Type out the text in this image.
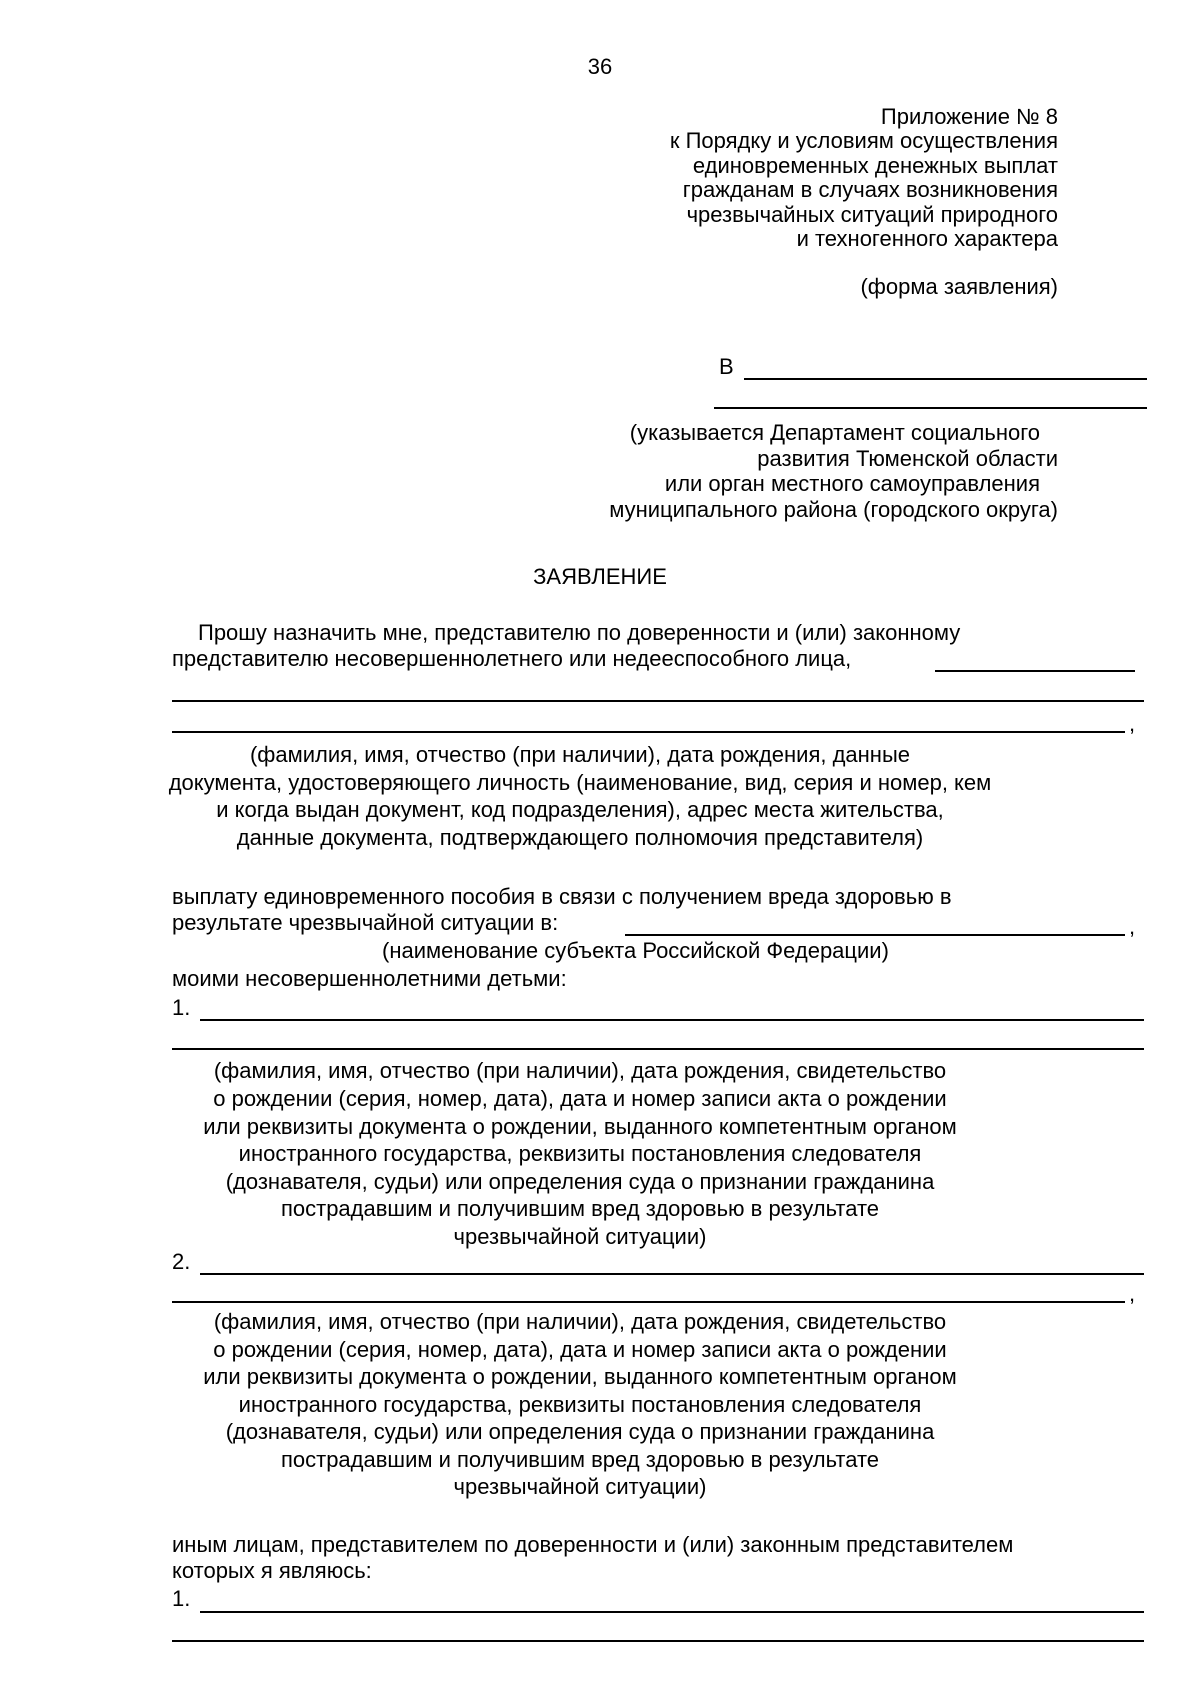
36
Приложение № 8
к Порядку и условиям осуществления
единовременных денежных выплат
гражданам в случаях возникновения
чрезвычайных ситуаций природного
и техногенного характера
(форма заявления)
В
(указывается Департамент социального
развития Тюменской области
или орган местного самоуправления
муниципального района (городского округа)
ЗАЯВЛЕНИЕ
Прошу назначить мне, представителю по доверенности и (или) законному
представителю несовершеннолетнего или недееспособного лица,
,
(фамилия, имя, отчество (при наличии), дата рождения, данные
документа, удостоверяющего личность (наименование, вид, серия и номер, кем
и когда выдан документ, код подразделения), адрес места жительства,
данные документа, подтверждающего полномочия представителя)
выплату единовременного пособия в связи с получением вреда здоровью в
результате чрезвычайной ситуации в:	,
(наименование субъекта Российской Федерации)
моими несовершеннолетними детьми:
1.
(фамилия, имя, отчество (при наличии), дата рождения, свидетельство
о рождении (серия, номер, дата), дата и номер записи акта о рождении
или реквизиты документа о рождении, выданного компетентным органом
иностранного государства, реквизиты постановления следователя
(дознавателя, судьи) или определения суда о признании гражданина
пострадавшим и получившим вред здоровью в результате
чрезвычайной ситуации)
2.
,
(фамилия, имя, отчество (при наличии), дата рождения, свидетельство
о рождении (серия, номер, дата), дата и номер записи акта о рождении
или реквизиты документа о рождении, выданного компетентным органом
иностранного государства, реквизиты постановления следователя
(дознавателя, судьи) или определения суда о признании гражданина
пострадавшим и получившим вред здоровью в результате
чрезвычайной ситуации)
иным лицам, представителем по доверенности и (или) законным представителем
которых я являюсь:
1.
